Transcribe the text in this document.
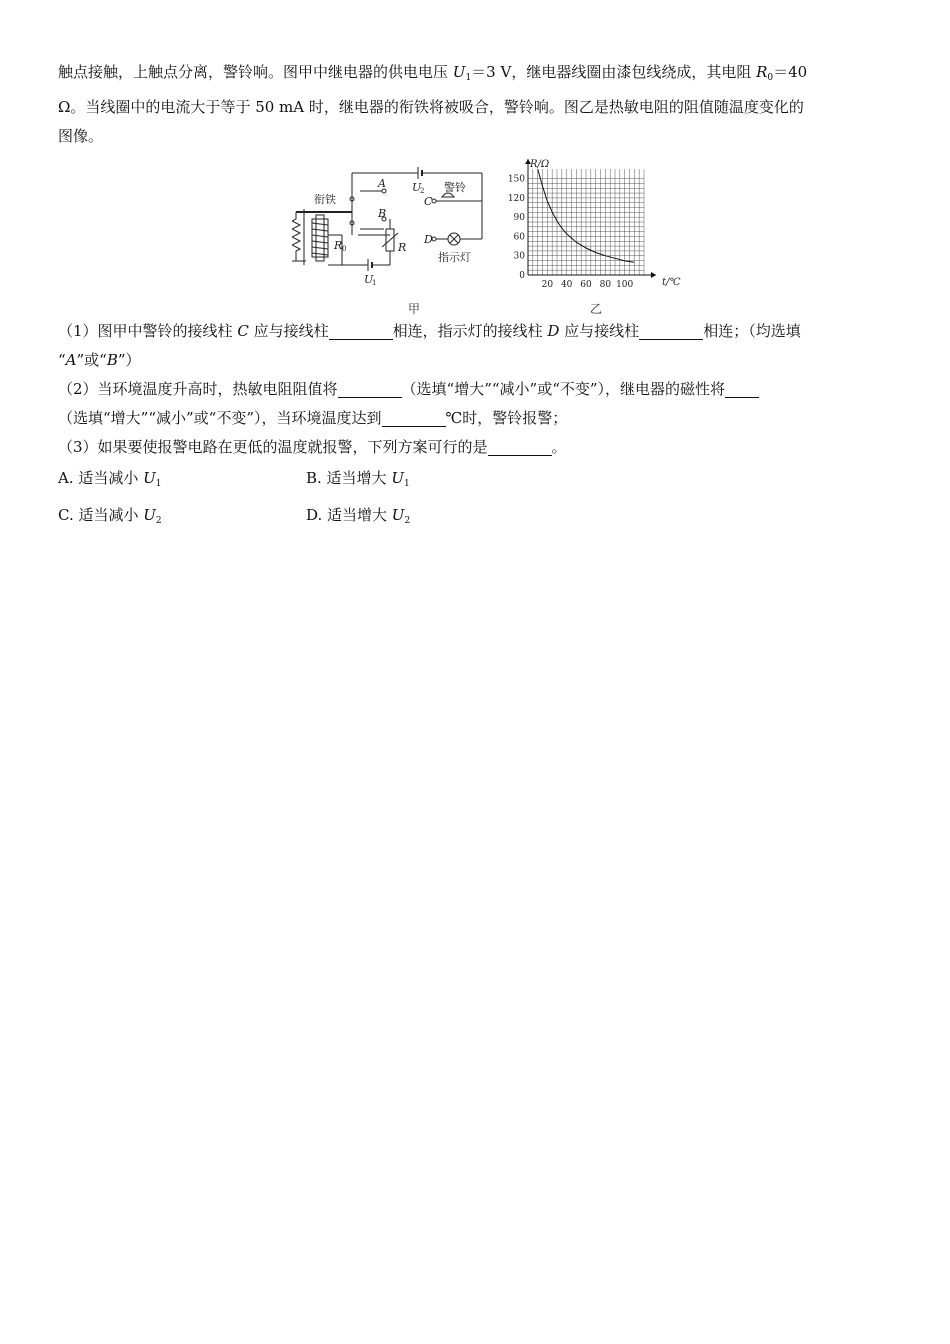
触点接触，上触点分离，警铃响。图甲中继电器的供电电压 $U_1=3$ V，继电器线圈由漆包线绕成，其电阻 $R_0=40$

Ω。当线圈中的电流大于等于 50 mA 时，继电器的衔铁将被吸合，警铃响。图乙是热敏电阻的阻值随温度变化的

图像。

衔铁
A
B
C
D
警铃
指示灯
U
2
U
1
R 0	R
甲
20 40 60 80 100
0
30
60
90
120
150
R/Ω
t/℃
乙

（1）图甲中警铃的接线柱 C 应与接线柱	相连，指示灯的接线柱 D 应与接线柱	相连；（均选填
“A”或“B”）

（2）当环境温度升高时，热敏电阻阻值将	（选填“增大”“减小”或“不变”），继电器的磁性将
（选填“增大”“减小”或“不变”），当环境温度达到	℃时，警铃报警；

（3）如果要使报警电路在更低的温度就报警，下列方案可行的是	。

A. 适当减小 $U_1$	B. 适当增大 $U_1$
C. 适当减小 $U_2$	D. 适当增大 $U_2$
